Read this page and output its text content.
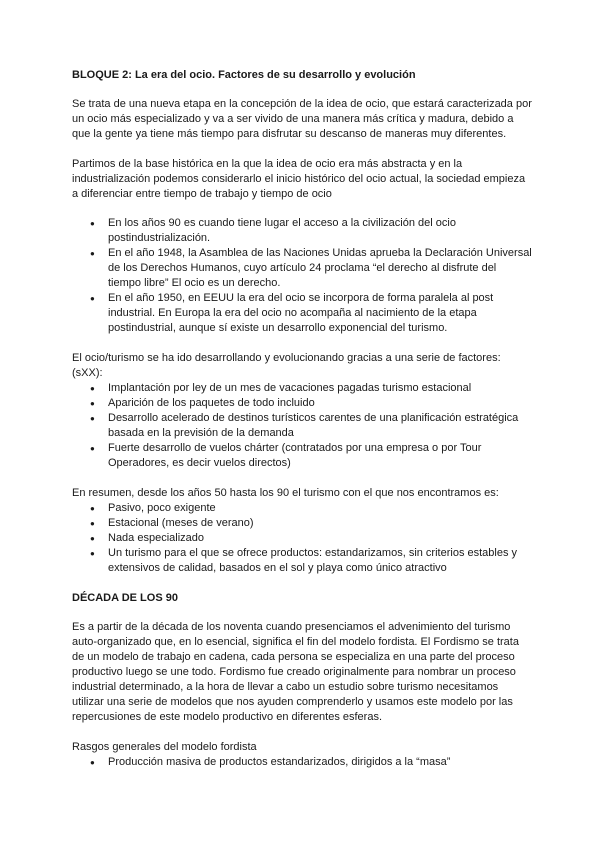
BLOQUE 2: La era del ocio. Factores de su desarrollo y evolución

Se trata de una nueva etapa en la concepción de la idea de ocio, que estará caracterizada por un ocio más especializado y va a ser vivido de una manera más crítica y madura, debido a que la gente ya tiene más tiempo para disfrutar su descanso de maneras muy diferentes.

Partimos de la base histórica en la que la idea de ocio era más abstracta y en la industrialización podemos considerarlo el inicio histórico del ocio actual, la sociedad empieza a diferenciar entre tiempo de trabajo y tiempo de ocio

● En los años 90 es cuando tiene lugar el acceso a la civilización del ocio postindustrialización.
● En el año 1948, la Asamblea de las Naciones Unidas aprueba la Declaración Universal de los Derechos Humanos, cuyo artículo 24 proclama “el derecho al disfrute del tiempo libre” El ocio es un derecho.
● En el año 1950, en EEUU la era del ocio se incorpora de forma paralela al post industrial. En Europa la era del ocio no acompaña al nacimiento de la etapa postindustrial, aunque sí existe un desarrollo exponencial del turismo.

El ocio/turismo se ha ido desarrollando y evolucionando gracias a una serie de factores: (sXX):

● Implantación por ley de un mes de vacaciones pagadas turismo estacional
● Aparición de los paquetes de todo incluido
● Desarrollo acelerado de destinos turísticos carentes de una planificación estratégica basada en la previsión de la demanda
● Fuerte desarrollo de vuelos chárter (contratados por una empresa o por Tour Operadores, es decir vuelos directos)

En resumen, desde los años 50 hasta los 90 el turismo con el que nos encontramos es:

● Pasivo, poco exigente
● Estacional (meses de verano)
● Nada especializado
● Un turismo para el que se ofrece productos: estandarizamos, sin criterios estables y extensivos de calidad, basados en el sol y playa como único atractivo
DÉCADA DE LOS 90

Es a partir de la década de los noventa cuando presenciamos el advenimiento del turismo auto-organizado que, en lo esencial, significa el fin del modelo fordista. El Fordismo se trata de un modelo de trabajo en cadena, cada persona se especializa en una parte del proceso productivo luego se une todo. Fordismo fue creado originalmente para nombrar un proceso industrial determinado, a la hora de llevar a cabo un estudio sobre turismo necesitamos utilizar una serie de modelos que nos ayuden comprenderlo y usamos este modelo por las repercusiones de este modelo productivo en diferentes esferas.

Rasgos generales del modelo fordista

● Producción masiva de productos estandarizados, dirigidos a la “masa”
